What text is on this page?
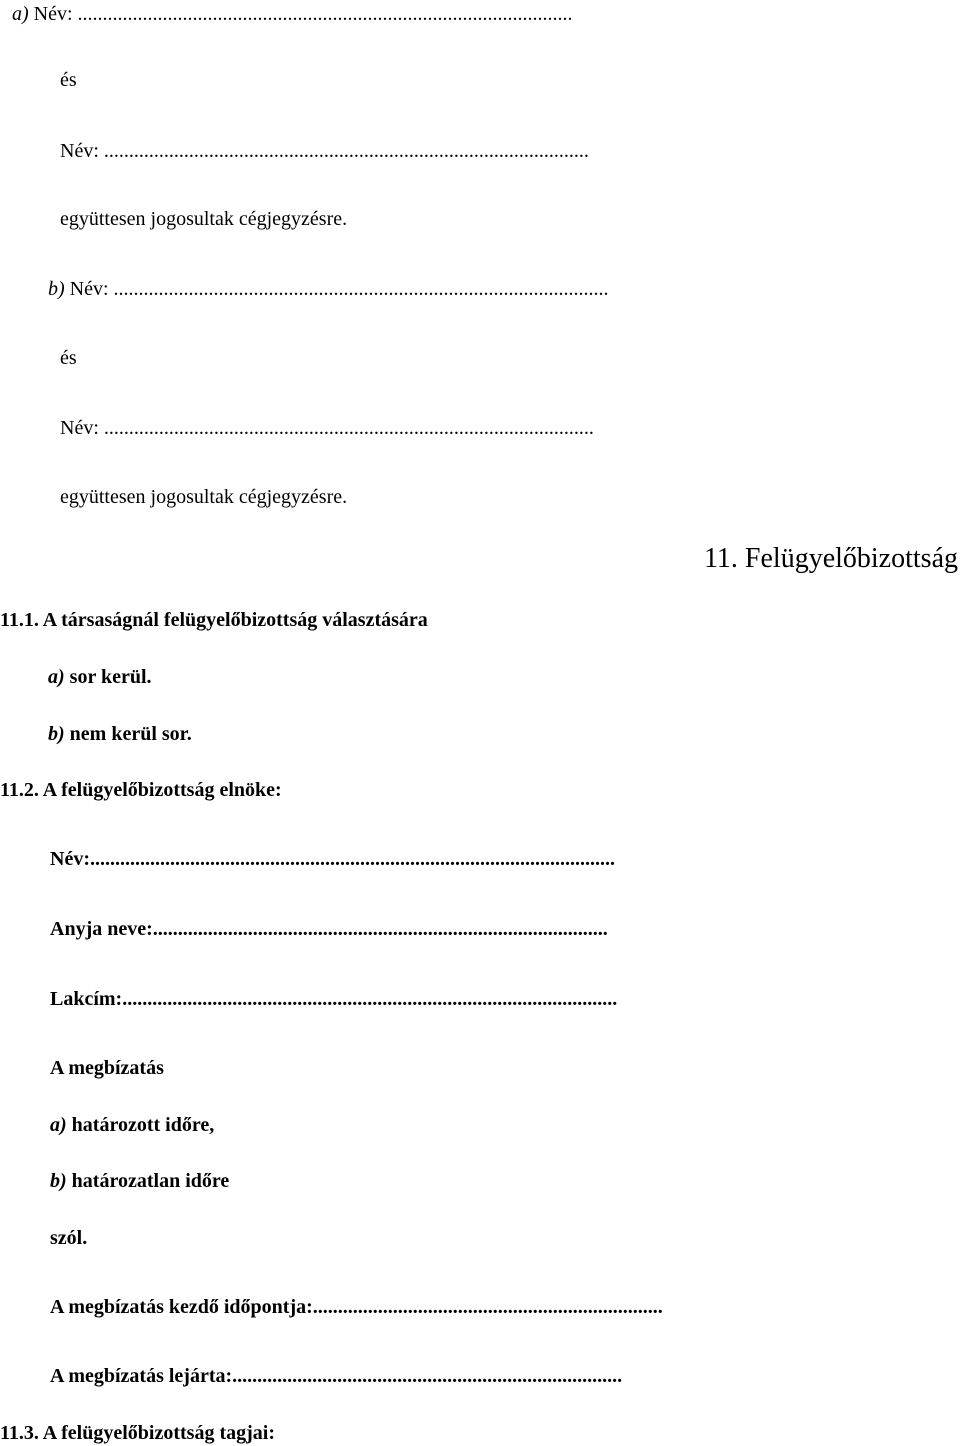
a) Név: ...................................................................................................
és
Név: .................................................................................................
együttesen jogosultak cégjegyzésre.
b) Név: ...................................................................................................
és
Név: ..................................................................................................
együttesen jogosultak cégjegyzésre.
11. Felügyelőbizottság
11.1. A társaságnál felügyelőbizottság választására
a) sor kerül.
b) nem kerül sor.
11.2. A felügyelőbizottság elnöke:
Név:.........................................................................................................
Anyja neve:...........................................................................................
Lakcím:...................................................................................................
A megbízatás
a) határozott időre,
b) határozatlan időre
szól.
A megbízatás kezdő időpontja:......................................................................
A megbízatás lejárta:..............................................................................
11.3. A felügyelőbizottság tagjai:
